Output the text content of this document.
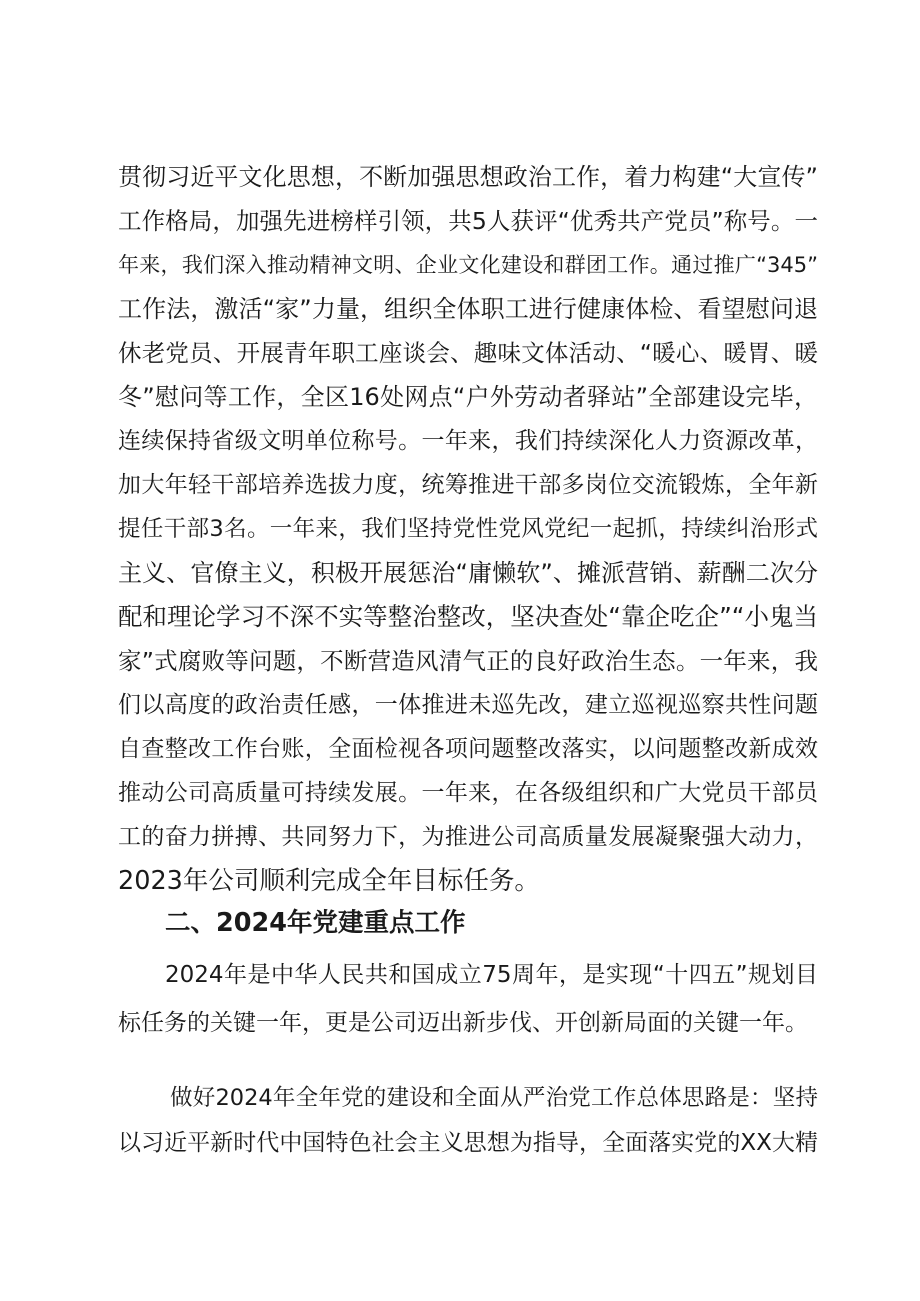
贯彻习近平文化思想，不断加强思想政治工作，着力构建“大宣传”
工作格局，加强先进榜样引领，共5人获评“优秀共产党员”称号。一
年来，我们深入推动精神文明、企业文化建设和群团工作。通过推广“345”
工作法，激活“家”力量，组织全体职工进行健康体检、看望慰问退
休老党员、开展青年职工座谈会、趣味文体活动、“暖心、暖胃、暖
冬”慰问等工作，全区16处网点“户外劳动者驿站”全部建设完毕，
连续保持省级文明单位称号。一年来，我们持续深化人力资源改革，
加大年轻干部培养选拔力度，统筹推进干部多岗位交流锻炼，全年新
提任干部3名。一年来，我们坚持党性党风党纪一起抓，持续纠治形式
主义、官僚主义，积极开展惩治“庸懒软”、摊派营销、薪酬二次分
配和理论学习不深不实等整治整改，坚决查处“靠企吃企”“小鬼当
家”式腐败等问题，不断营造风清气正的良好政治生态。一年来，我
们以高度的政治责任感，一体推进未巡先改，建立巡视巡察共性问题
自查整改工作台账，全面检视各项问题整改落实，以问题整改新成效
推动公司高质量可持续发展。一年来，在各级组织和广大党员干部员
工的奋力拼搏、共同努力下，为推进公司高质量发展凝聚强大动力，
2023年公司顺利完成全年目标任务。
二、2024年党建重点工作
2024年是中华人民共和国成立75周年，是实现“十四五”规划目
标任务的关键一年，更是公司迈出新步伐、开创新局面的关键一年。
做好2024年全年党的建设和全面从严治党工作总体思路是：坚持
以习近平新时代中国特色社会主义思想为指导，全面落实党的XX大精
